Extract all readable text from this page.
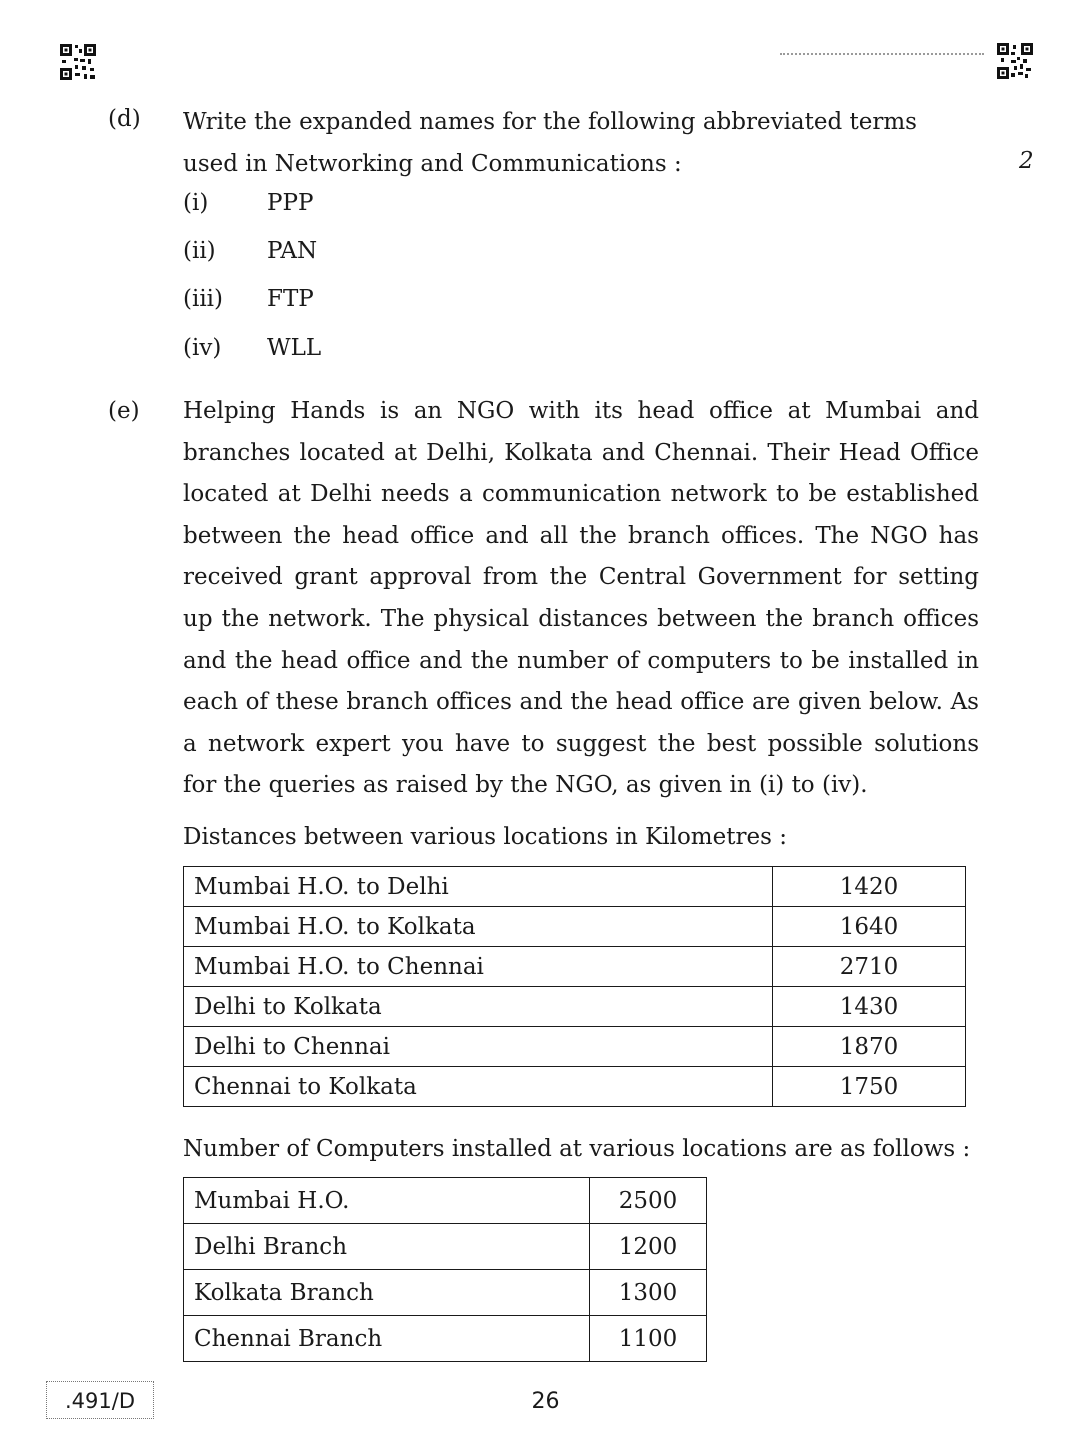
(d) Write the expanded names for the following abbreviated terms used in Networking and Communications :	2
(i)	PPP
(ii) PAN
(iii) FTP
(iv) WLL
(e) Helping Hands is an NGO with its head office at Mumbai and branches located at Delhi, Kolkata and Chennai. Their Head Office located at Delhi needs a communication network to be established between the head office and all the branch offices. The NGO has received grant approval from the Central Government for setting up the network. The physical distances between the branch offices and the head office and the number of computers to be installed in each of these branch offices and the head office are given below. As a network expert you have to suggest the best possible solutions for the queries as raised by the NGO, as given in (i) to (iv).
Distances between various locations in Kilometres :
Mumbai H.O. to Delhi	1420
Mumbai H.O. to Kolkata	1640
Mumbai H.O. to Chennai	2710
Delhi to Kolkata	1430
Delhi to Chennai	1870
Chennai to Kolkata	1750
Number of Computers installed at various locations are as follows :
Mumbai H.O.	2500
Delhi Branch	1200
Kolkata Branch	1300
Chennai Branch	1100
.491/D	26
